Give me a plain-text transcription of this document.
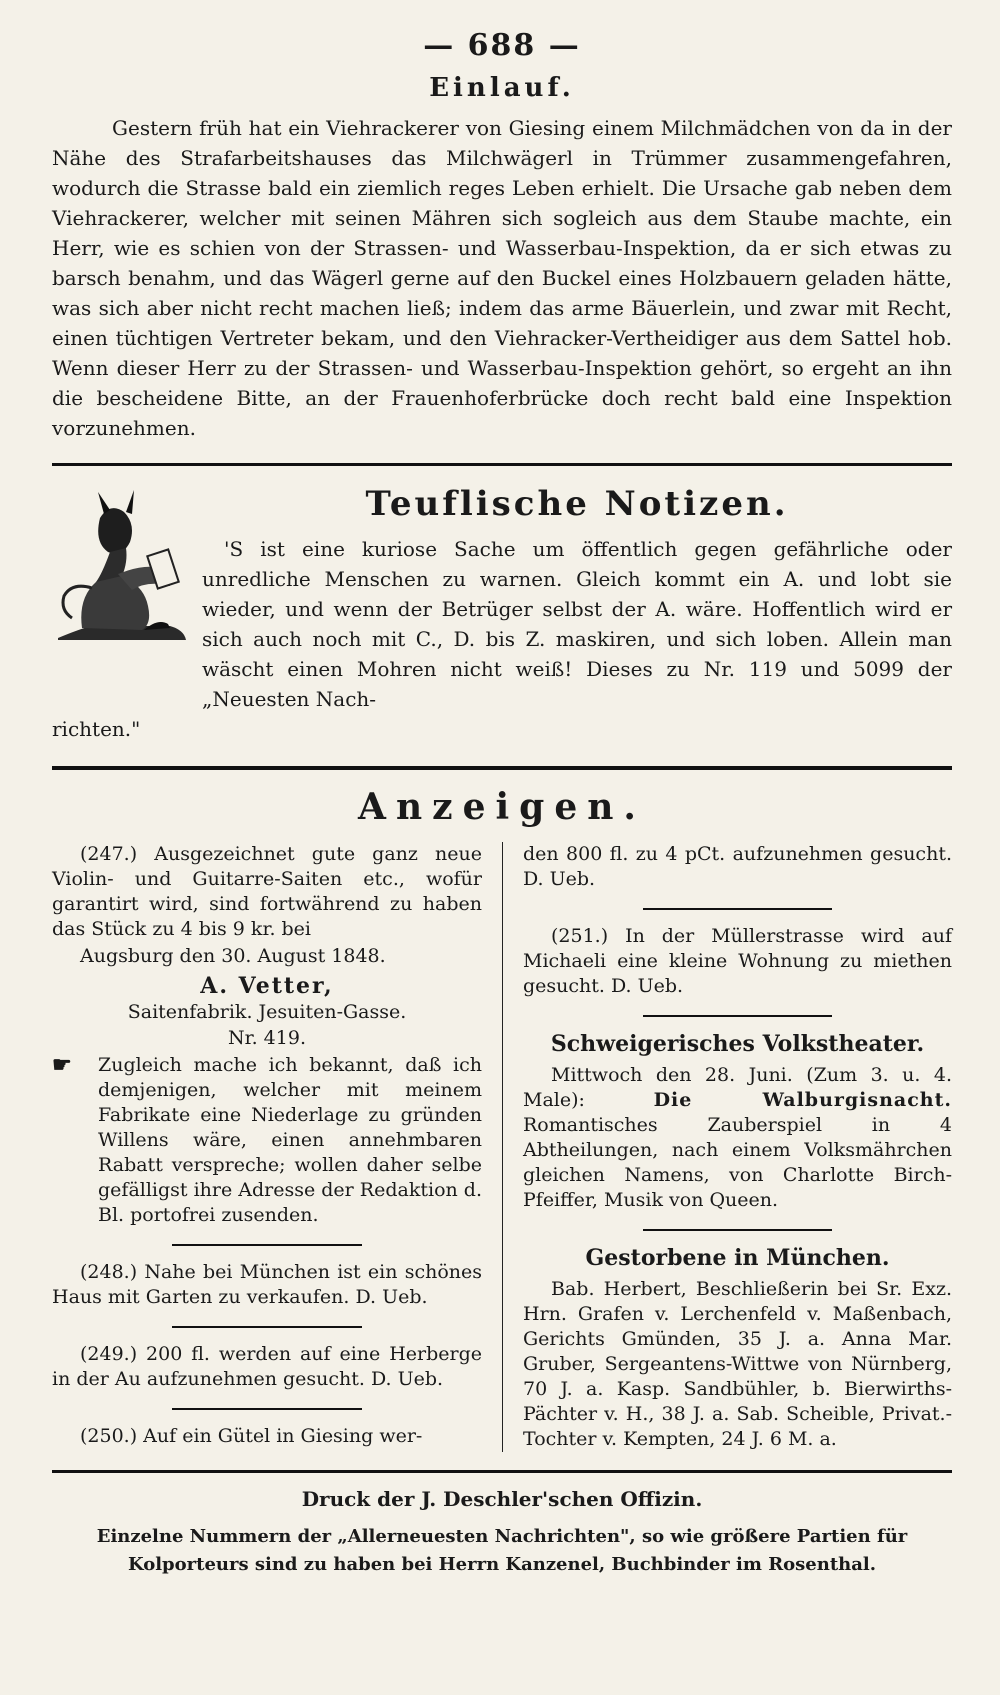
— 688 —
Einlauf.

Gestern früh hat ein Viehrackerer von Giesing einem Milchmädchen von da in der Nähe des Strafarbeitshauses das Milchwägerl in Trümmer zusammengefahren, wodurch die Strasse bald ein ziemlich reges Leben erhielt. Die Ursache gab neben dem Viehrackerer, welcher mit seinen Mähren sich sogleich aus dem Staube machte, ein Herr, wie es schien von der Strassen- und Wasserbau-Inspektion, da er sich etwas zu barsch benahm, und das Wägerl gerne auf den Buckel eines Holzbauern geladen hätte, was sich aber nicht recht machen ließ; indem das arme Bäuerlein, und zwar mit Recht, einen tüchtigen Vertreter bekam, und den Viehracker-Vertheidiger aus dem Sattel hob. Wenn dieser Herr zu der Strassen- und Wasserbau-Inspektion gehört, so ergeht an ihn die bescheidene Bitte, an der Frauenhoferbrücke doch recht bald eine Inspektion vorzunehmen.

Teuflische Notizen.

'S ist eine kuriose Sache um öffentlich gegen gefährliche oder unredliche Menschen zu warnen. Gleich kommt ein A. und lobt sie wieder, und wenn der Betrüger selbst der A. wäre. Hoffentlich wird er sich auch noch mit C., D. bis Z. maskiren, und sich loben. Allein man wäscht einen Mohren nicht weiß! Dieses zu Nr. 119 und 5099 der „Neuesten Nach-

richten."

Anzeigen.

(247.) Ausgezeichnet gute ganz neue Violin- und Guitarre-Saiten etc., wofür garantirt wird, sind fortwährend zu haben das Stück zu 4 bis 9 kr. bei

Augsburg den 30. August 1848.

A. Vetter,
Saitenfabrik. Jesuiten-Gasse.
Nr. 419.
☛	Zugleich mache ich bekannt, daß ich demjenigen, welcher mit meinem Fabrikate eine Niederlage zu gründen Willens wäre, einen annehmbaren Rabatt verspreche; wollen daher selbe gefälligst ihre Adresse der Redaktion d. Bl. portofrei zusenden.

(248.) Nahe bei München ist ein schönes Haus mit Garten zu verkaufen. D. Ueb.

(249.) 200 fl. werden auf eine Herberge in der Au aufzunehmen gesucht. D. Ueb.

(250.) Auf ein Gütel in Giesing wer-

den 800 fl. zu 4 pCt. aufzunehmen gesucht. D. Ueb.

(251.) In der Müllerstrasse wird auf Michaeli eine kleine Wohnung zu miethen gesucht. D. Ueb.

Schweigerisches Volkstheater.

Mittwoch den 28. Juni. (Zum 3. u. 4. Male):	Die Walburgisnacht. Romantisches Zauberspiel in 4 Abtheilungen, nach einem Volksmährchen gleichen Namens, von Charlotte Birch-Pfeiffer, Musik von Queen.

Gestorbene in München.

Bab. Herbert, Beschließerin bei Sr. Exz. Hrn. Grafen v. Lerchenfeld v. Maßenbach, Gerichts Gmünden, 35 J. a. Anna Mar. Gruber, Sergeantens-Wittwe von Nürnberg, 70 J. a. Kasp. Sandbühler, b. Bierwirths-Pächter v. H., 38 J. a. Sab. Scheible, Privat.-Tochter v. Kempten, 24 J. 6 M. a.

Druck der J. Deschler'schen Offizin.
Einzelne Nummern der „Allerneuesten Nachrichten", so wie größere Partien für Kolporteurs sind zu haben bei Herrn Kanzenel, Buchbinder im Rosenthal.
